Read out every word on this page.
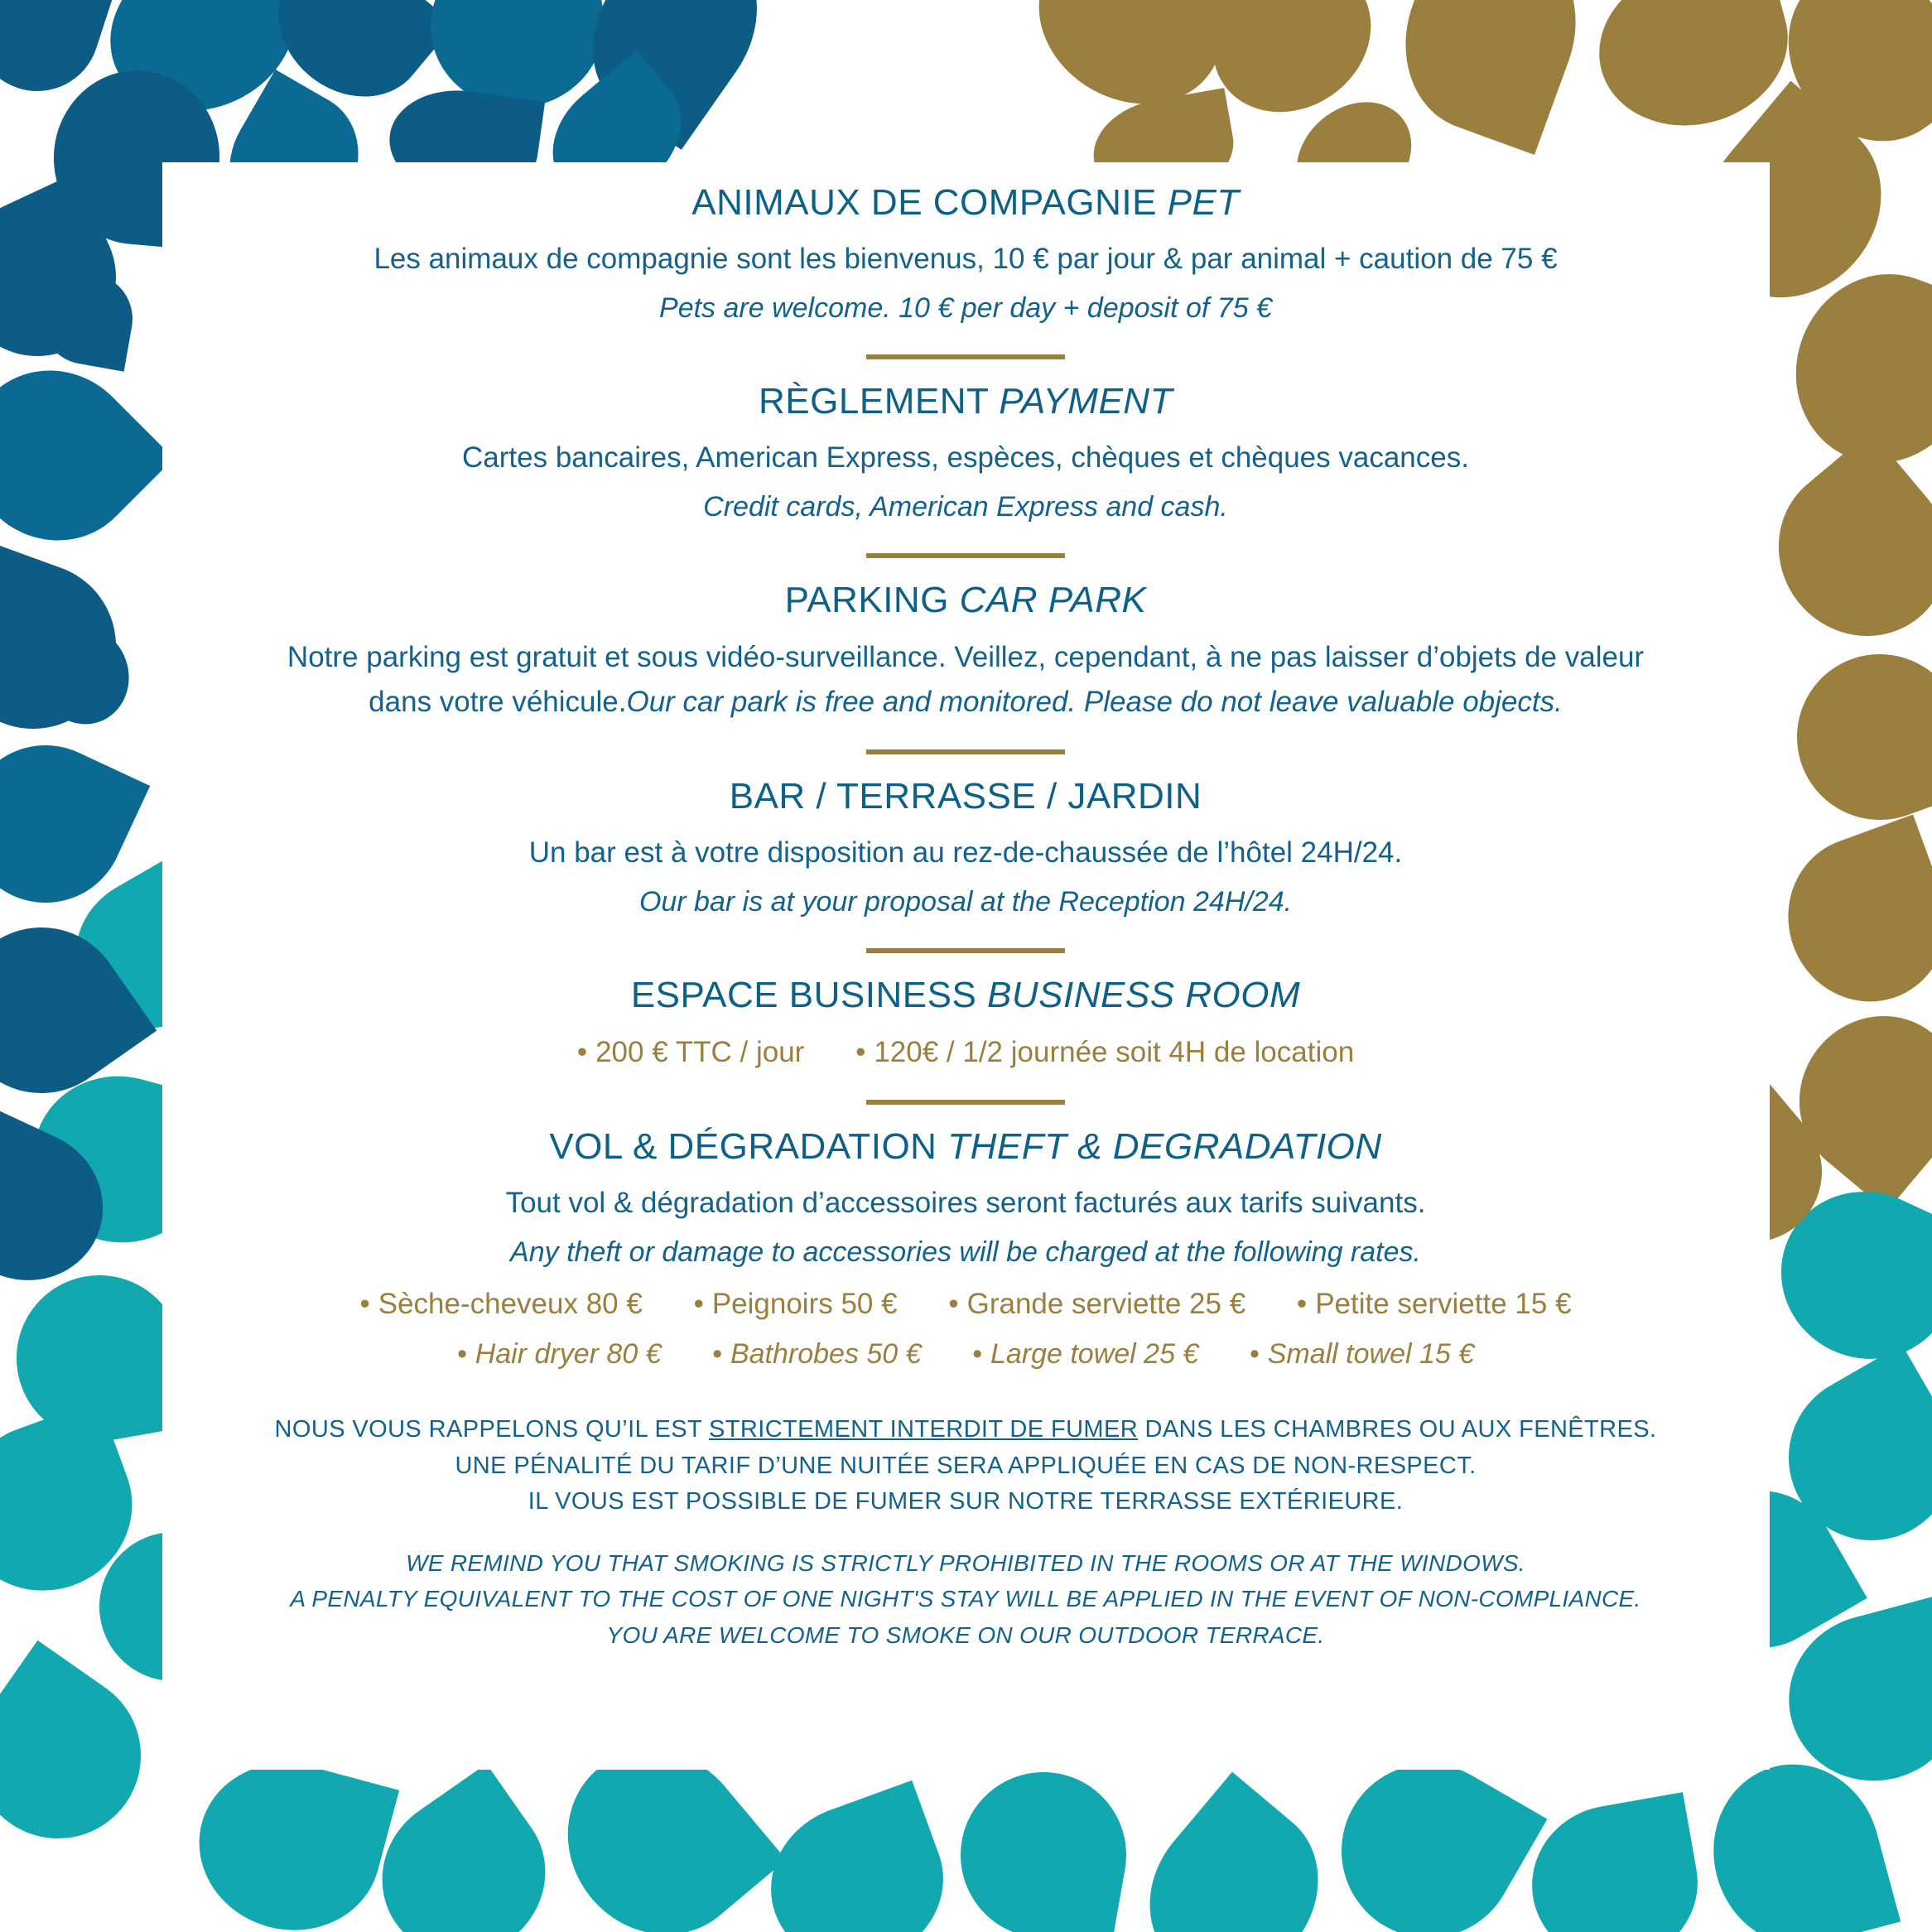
ANIMAUX DE COMPAGNIE PET

Les animaux de compagnie sont les bienvenus, 10 € par jour & par animal + caution de 75 €

Pets are welcome. 10 € per day + deposit of 75 €

RÈGLEMENT PAYMENT

Cartes bancaires, American Express, espèces, chèques et chèques vacances.

Credit cards, American Express and cash.

PARKING CAR PARK

Notre parking est gratuit et sous vidéo-surveillance. Veillez, cependant, à ne pas laisser d’objets de valeur dans votre véhicule.Our car park is free and monitored. Please do not leave valuable objects.

BAR / TERRASSE / JARDIN

Un bar est à votre disposition au rez-de-chaussée de l’hôtel 24H/24.

Our bar is at your proposal at the Reception 24H/24.

ESPACE BUSINESS BUSINESS ROOM
• 200 € TTC / jour • 120€ / 1/2 journée soit 4H de location
VOL & DÉGRADATION THEFT & DEGRADATION

Tout vol & dégradation d’accessoires seront facturés aux tarifs suivants.

Any theft or damage to accessories will be charged at the following rates.

• Sèche-cheveux 80 € • Peignoirs 50 € • Grande serviette 25 € • Petite serviette 15 €
• Hair dryer 80 € • Bathrobes 50 € • Large towel 25 € • Small towel 15 €
NOUS VOUS RAPPELONS QU’IL EST STRICTEMENT INTERDIT DE FUMER DANS LES CHAMBRES OU AUX FENÊTRES.
UNE PÉNALITÉ DU TARIF D’UNE NUITÉE SERA APPLIQUÉE EN CAS DE NON-RESPECT.
IL VOUS EST POSSIBLE DE FUMER SUR NOTRE TERRASSE EXTÉRIEURE.
WE REMIND YOU THAT SMOKING IS STRICTLY PROHIBITED IN THE ROOMS OR AT THE WINDOWS.
A PENALTY EQUIVALENT TO THE COST OF ONE NIGHT'S STAY WILL BE APPLIED IN THE EVENT OF NON-COMPLIANCE.
YOU ARE WELCOME TO SMOKE ON OUR OUTDOOR TERRACE.
